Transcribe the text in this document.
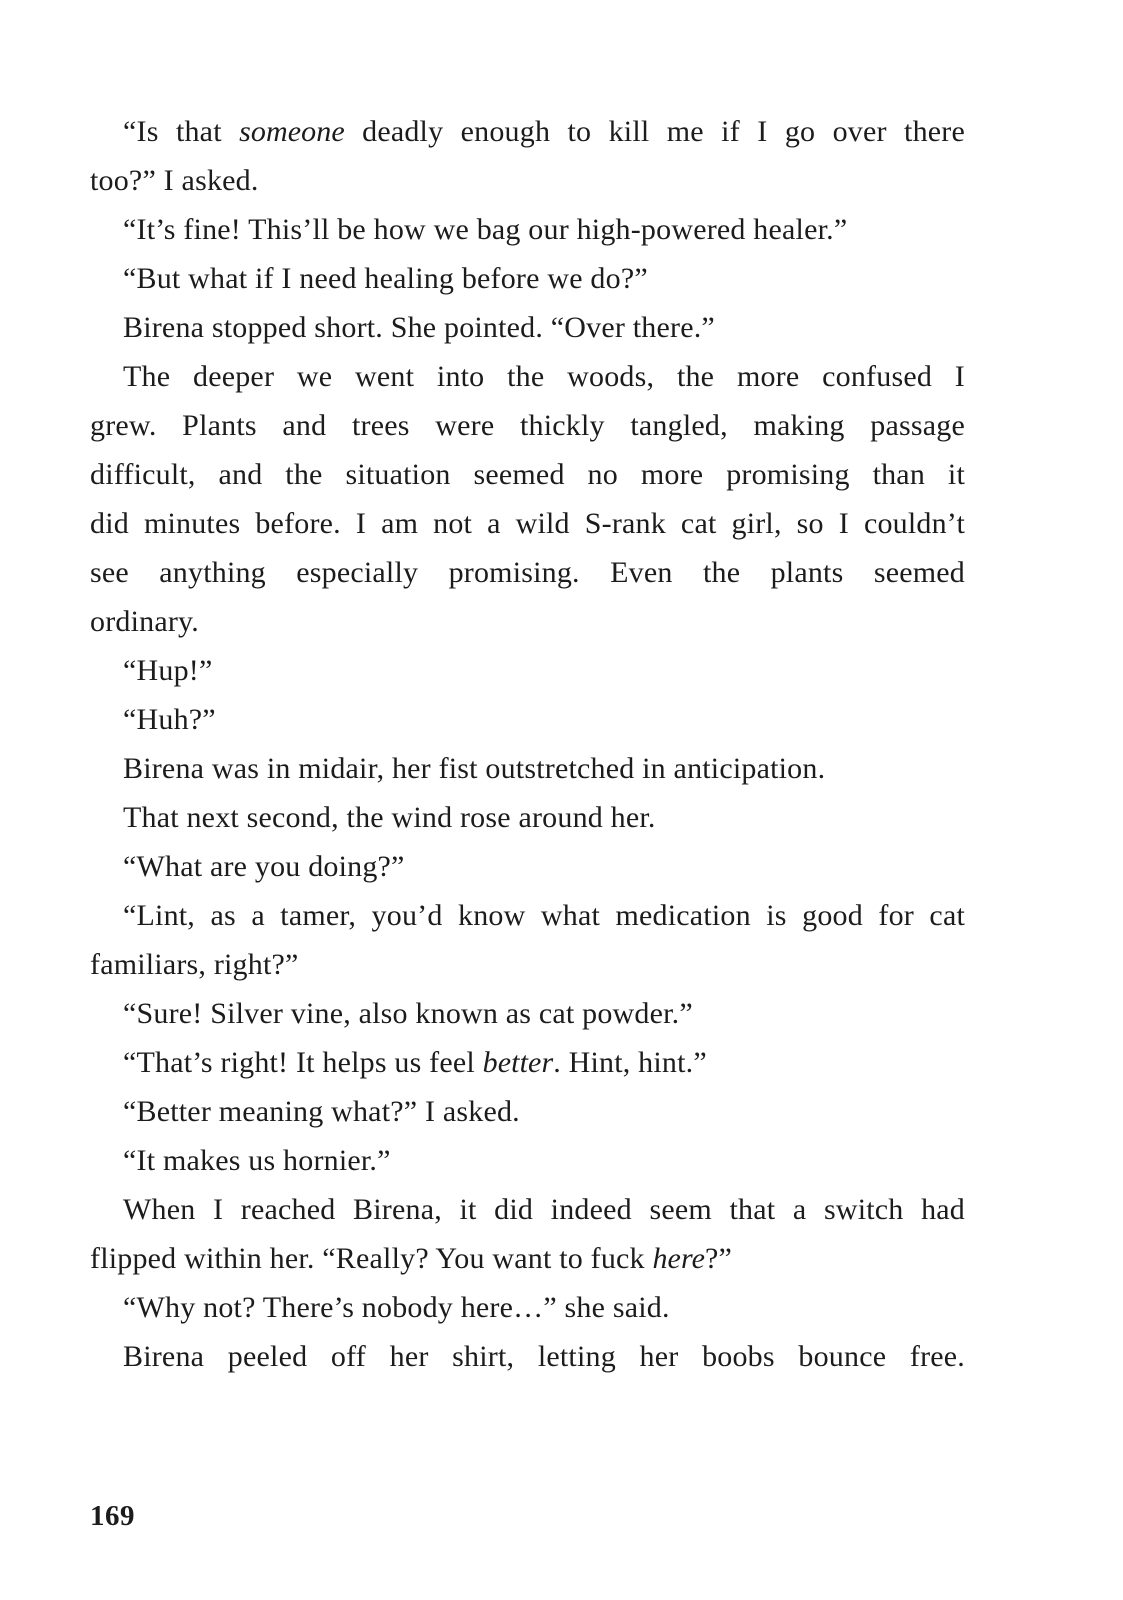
“Is that someone deadly enough to kill me if I go over there
too?” I asked.

“It’s fine! This’ll be how we bag our high-powered healer.”

“But what if I need healing before we do?”

Birena stopped short. She pointed. “Over there.”

The deeper we went into the woods, the more confused I
grew. Plants and trees were thickly tangled, making passage
difficult, and the situation seemed no more promising than it
did minutes before. I am not a wild S-rank cat girl, so I couldn’t
see anything especially promising. Even the plants seemed
ordinary.

“Hup!”

“Huh?”

Birena was in midair, her fist outstretched in anticipation.

That next second, the wind rose around her.

“What are you doing?”

“Lint, as a tamer, you’d know what medication is good for cat
familiars, right?”

“Sure! Silver vine, also known as cat powder.”

“That’s right! It helps us feel better. Hint, hint.”

“Better meaning what?” I asked.

“It makes us hornier.”

When I reached Birena, it did indeed seem that a switch had
flipped within her. “Really? You want to fuck here?”

“Why not? There’s nobody here…” she said.

Birena peeled off her shirt, letting her boobs bounce free.

169
